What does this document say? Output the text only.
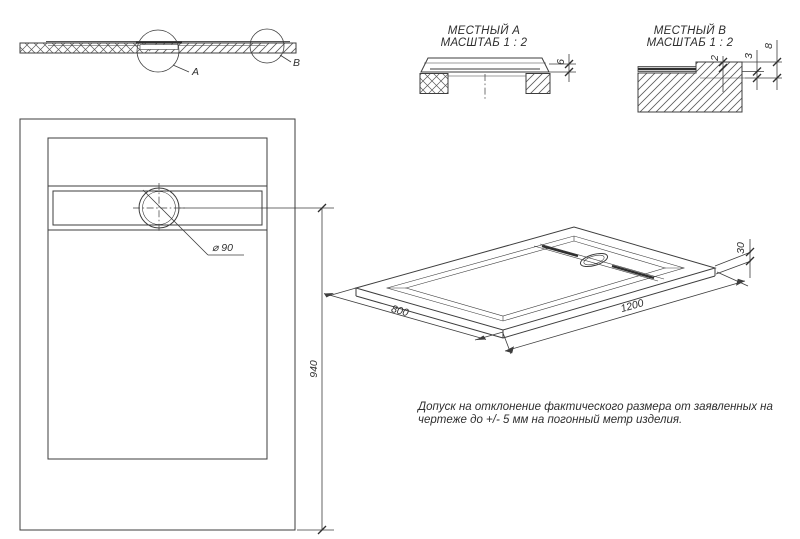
A
B
МЕСТНЫЙ А
МАСШТАБ 1 : 2
6
МЕСТНЫЙ В
МАСШТАБ 1 : 2
2 3
8
⌀ 90
940
800	1200
30
Допуск на отклонение фактического размера от заявленных на
чертеже до +/- 5 мм на погонный метр изделия.
